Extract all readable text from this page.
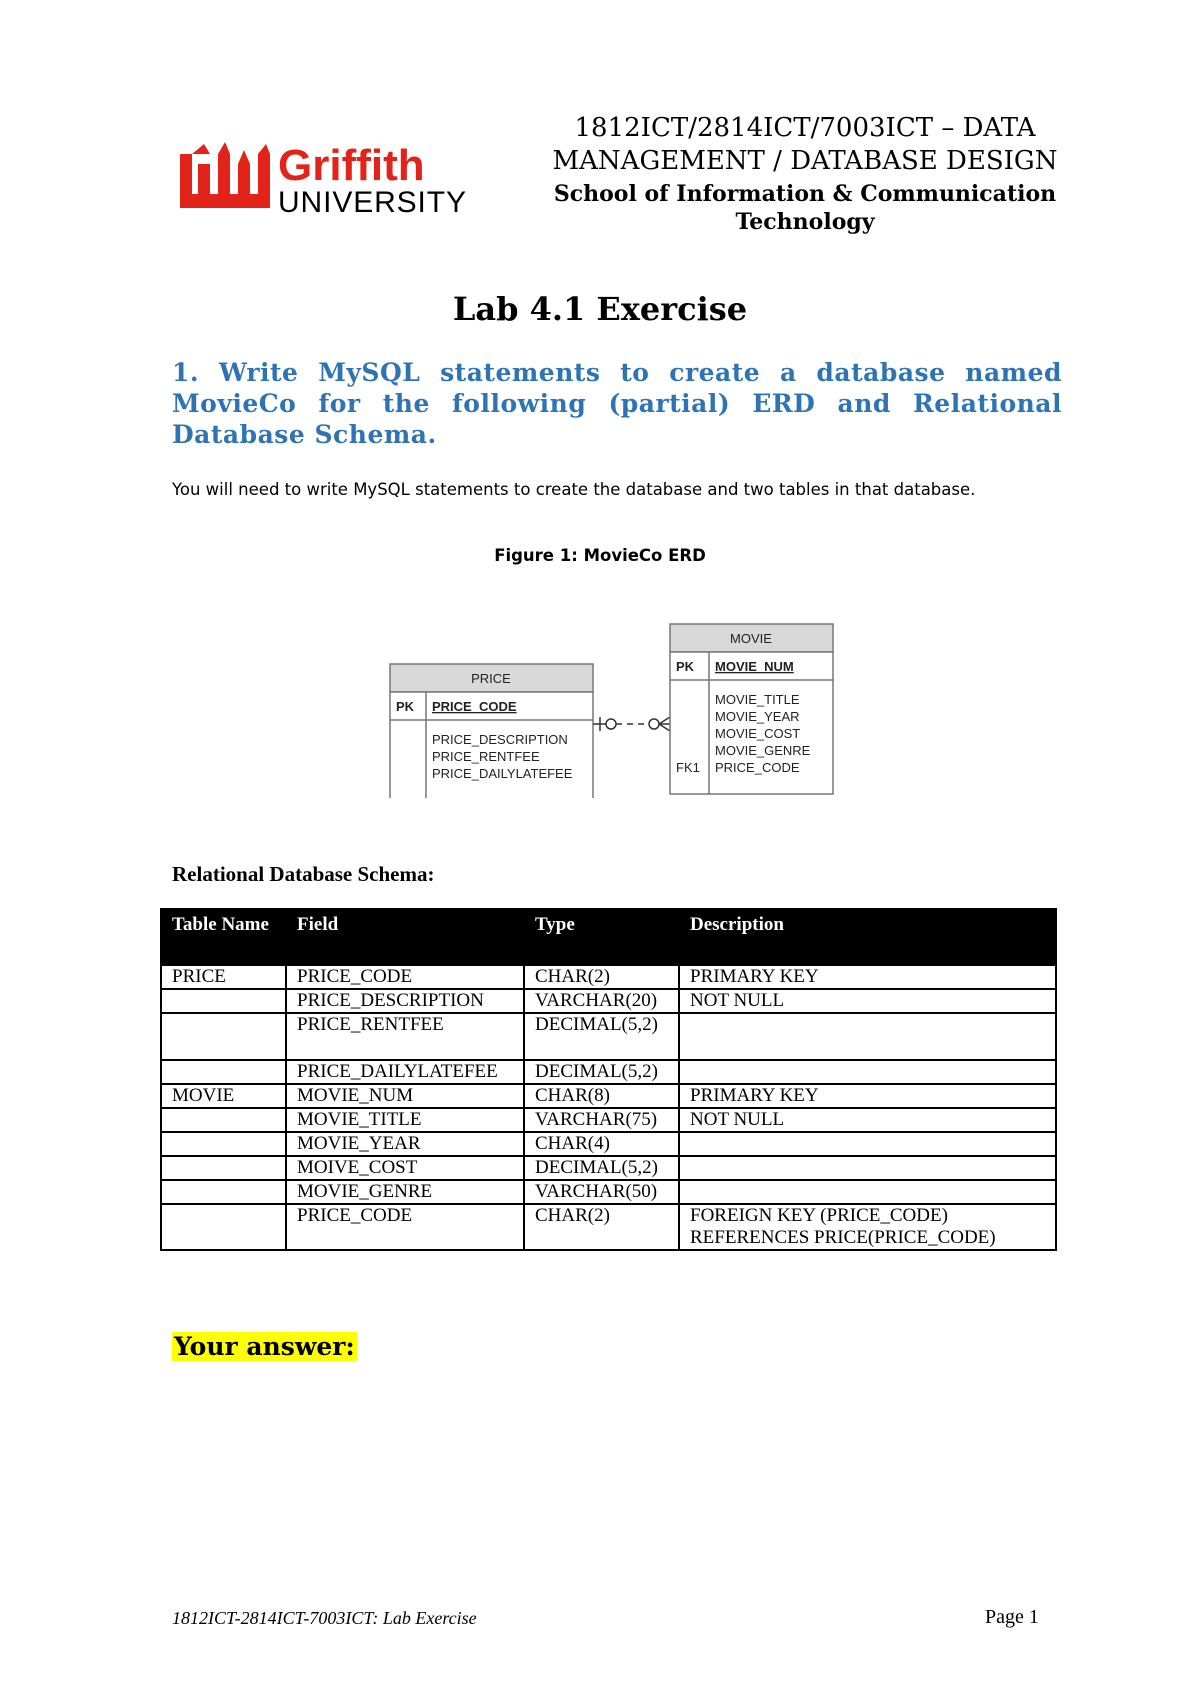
Griffith
UNIVERSITY
1812ICT/2814ICT/7003ICT – DATA
MANAGEMENT / DATABASE DESIGN
School of Information & Communication
Technology
Lab 4.1 Exercise
1. Write MySQL statements to create a database named MovieCo for the following (partial) ERD and Relational Database Schema.
You will need to write MySQL statements to create the database and two tables in that database.
Figure 1: MovieCo ERD
PRICE
PK PRICE_CODE
PRICE_DESCRIPTION
PRICE_RENTFEE
PRICE_DAILYLATEFEE
MOVIE
PK MOVIE_NUM
MOVIE_TITLE
MOVIE_YEAR
MOVIE_COST
MOVIE_GENRE
PRICE_CODE
FK1
Relational Database Schema:
Table Name	Field	Type	Description
PRICE	PRICE_CODE	CHAR(2)	PRIMARY KEY
	PRICE_DESCRIPTION	VARCHAR(20)	NOT NULL
	PRICE_RENTFEE	DECIMAL(5,2)	
	PRICE_DAILYLATEFEE	DECIMAL(5,2)	
MOVIE	MOVIE_NUM	CHAR(8)	PRIMARY KEY
	MOVIE_TITLE	VARCHAR(75)	NOT NULL
	MOVIE_YEAR	CHAR(4)	
	MOIVE_COST	DECIMAL(5,2)	
	MOVIE_GENRE	VARCHAR(50)	
	PRICE_CODE	CHAR(2)	FOREIGN KEY (PRICE_CODE)
REFERENCES PRICE(PRICE_CODE)
Your answer:
1812ICT-2814ICT-7003ICT: Lab Exercise	Page 1
